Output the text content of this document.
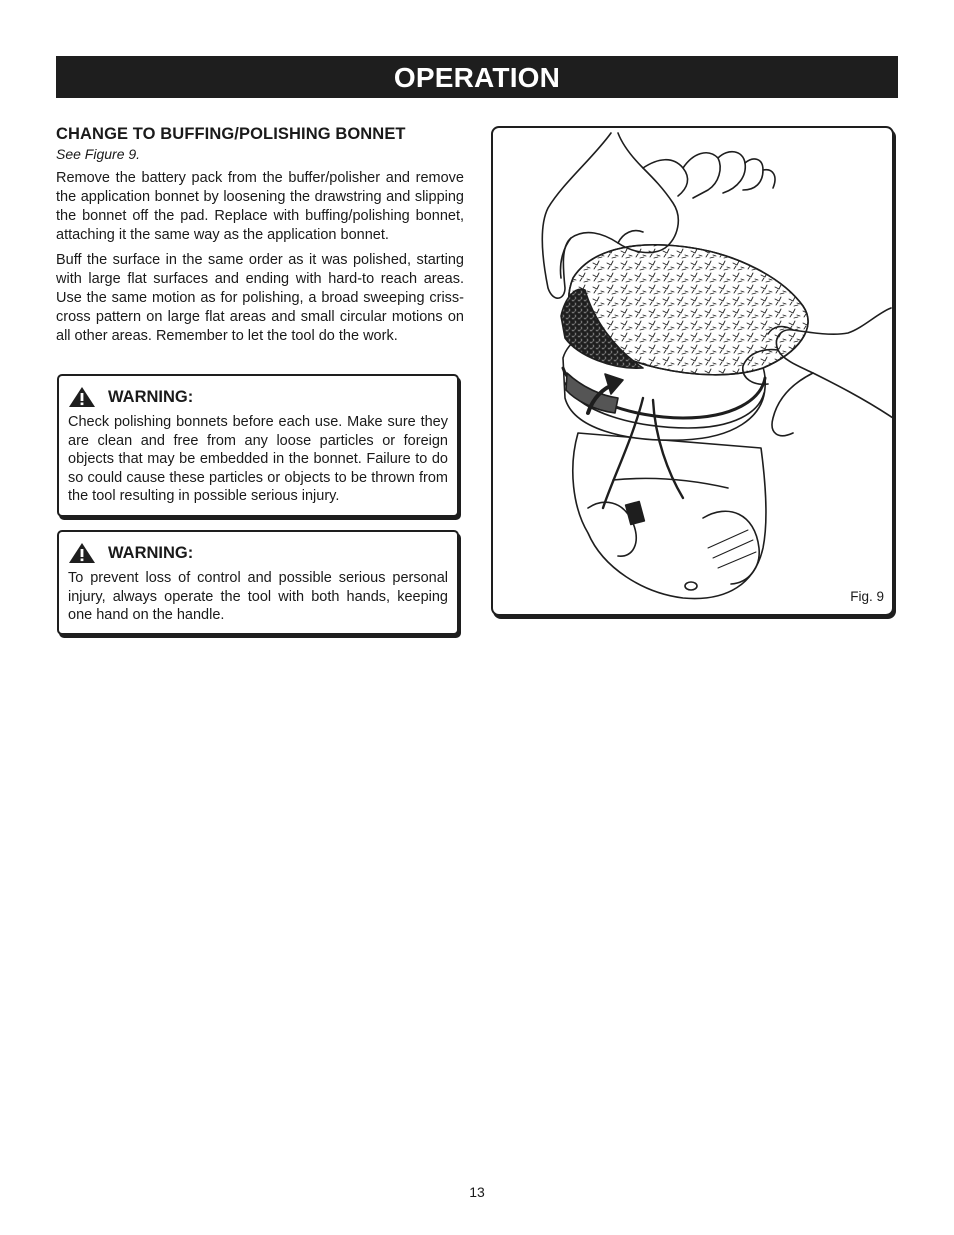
OPERATION
CHANGE TO BUFFING/POLISHING BONNET
See Figure 9.
Remove the battery pack from the buffer/polisher and remove the application bonnet by loosening the drawstring and slipping the bonnet off the pad. Replace with buffing/polishing bonnet, attaching it the same way as the application bonnet.
Buff the surface in the same order as it was polished, starting with large flat surfaces and ending with hard-to reach areas. Use the same motion as for polishing, a broad sweeping criss-cross pattern on large flat areas and small circular motions on all other areas. Remember to let the tool do the work.
WARNING:
Check polishing bonnets before each use. Make sure they are clean and free from any loose particles or foreign objects that may be embedded in the bonnet. Failure to do so could cause these particles or objects to be thrown from the tool resulting in possible serious injury.
WARNING:
To prevent loss of control and possible serious personal injury, always operate the tool with both hands, keeping one hand on the handle.
Fig. 9
13
